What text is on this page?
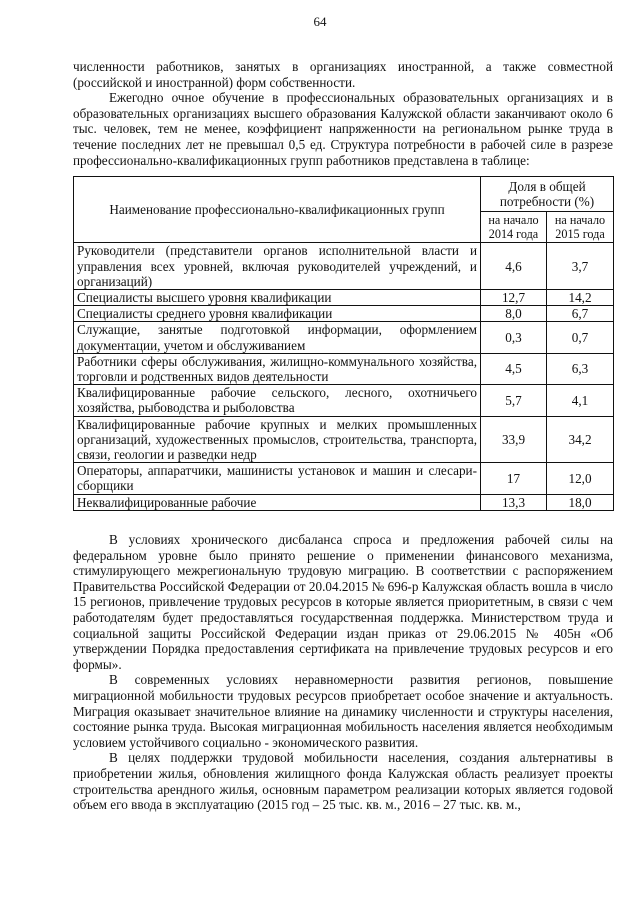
64

численности работников, занятых в организациях иностранной, а также совместной (российской и иностранной) форм собственности.

Ежегодно очное обучение в профессиональных образовательных организациях и в образовательных организациях высшего образования Калужской области заканчивают около 6 тыс. человек, тем не менее, коэффициент напряженности на региональном рынке труда в течение последних лет не превышал 0,5 ед. Структура потребности в рабочей силе в разрезе профессионально-квалификационных групп работников представлена в таблице:

Наименование профессионально-квалификационных групп	Доля в общей потребности (%)	
	на начало 2014 года	на начало 2015 года
Руководители (представители органов исполнительной власти и управления всех уровней, включая руководителей учреждений, и организаций)	4,6	3,7
Специалисты высшего уровня квалификации	12,7	14,2
Специалисты среднего уровня квалификации	8,0	6,7
Служащие, занятые подготовкой информации, оформлением документации, учетом и обслуживанием	0,3	0,7
Работники сферы обслуживания, жилищно-коммунального хозяйства, торговли и родственных видов деятельности	4,5	6,3
Квалифицированные рабочие сельского, лесного, охотничьего хозяйства, рыбоводства и рыболовства	5,7	4,1
Квалифицированные рабочие крупных и мелких промышленных организаций, художественных промыслов, строительства, транспорта, связи, геологии и разведки недр	33,9	34,2
Операторы, аппаратчики, машинисты установок и машин и слесари-сборщики	17	12,0
Неквалифицированные рабочие	13,3	18,0

В условиях хронического дисбаланса спроса и предложения рабочей силы на федеральном уровне было принято решение о применении финансового механизма, стимулирующего межрегиональную трудовую миграцию. В соответствии с распоряжением Правительства Российской Федерации от 20.04.2015 № 696-р Калужская область вошла в число 15 регионов, привлечение трудовых ресурсов в которые является приоритетным, в связи с чем работодателям будет предоставляться государственная поддержка. Министерством труда и социальной защиты Российской Федерации издан приказ от 29.06.2015 № 405н «Об утверждении Порядка предоставления сертификата на привлечение трудовых ресурсов и его формы».

В современных условиях неравномерности развития регионов, повышение миграционной мобильности трудовых ресурсов приобретает особое значение и актуальность. Миграция оказывает значительное влияние на динамику численности и структуры населения, состояние рынка труда. Высокая миграционная мобильность населения является необходимым условием устойчивого социально - экономического развития.

В целях поддержки трудовой мобильности населения, создания альтернативы в приобретении жилья, обновления жилищного фонда Калужская область реализует проекты строительства арендного жилья, основным параметром реализации которых является годовой объем его ввода в эксплуатацию (2015 год – 25 тыс. кв. м., 2016 – 27 тыс. кв. м.,
